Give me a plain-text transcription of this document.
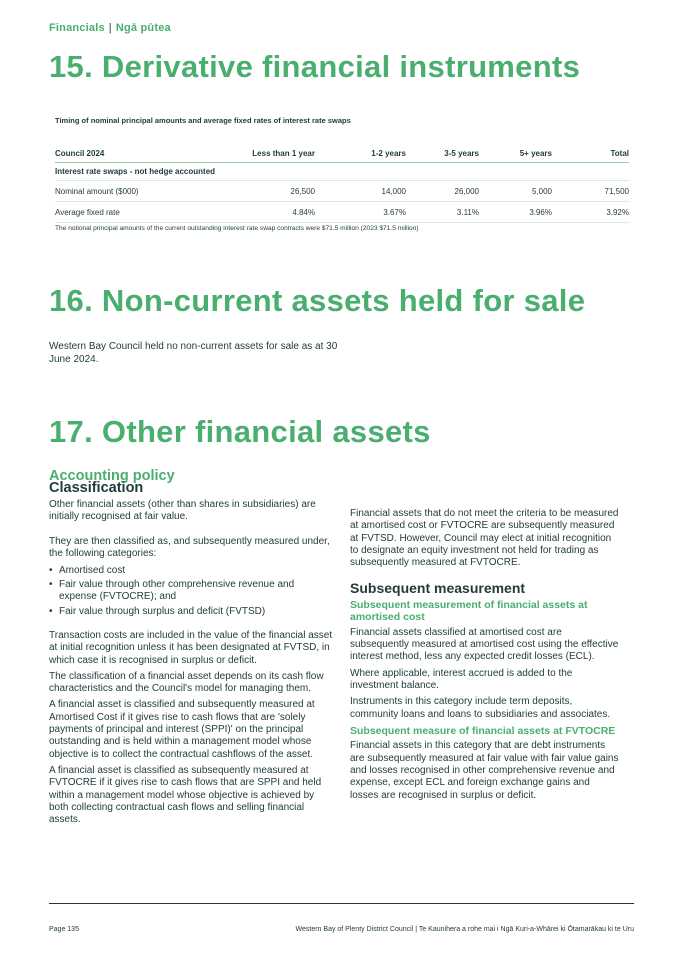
Financials | Ngā pūtea
15. Derivative financial instruments
Timing of nominal principal amounts and average fixed rates of interest rate swaps
Council 2024	Less than 1 year	1-2 years	3-5 years	5+ years	Total
Interest rate swaps - not hedge accounted					
Nominal amount ($000)	26,500	14,000	26,000	5,000	71,500
Average fixed rate	4.84%	3.67%	3.11%	3.96%	3.92%
The notional principal amounts of the current outstanding interest rate swap contracts were $71.5 million (2023 $71.5 million)
16. Non-current assets held for sale
Western Bay Council held no non-current assets for sale as at 30 June 2024.
17. Other financial assets
Accounting policy
Classification

Other financial assets (other than shares in subsidiaries) are initially recognised at fair value.

They are then classified as, and subsequently measured under, the following categories:

• Amortised cost
• Fair value through other comprehensive revenue and expense (FVTOCRE); and
• Fair value through surplus and deficit (FVTSD)

Transaction costs are included in the value of the financial asset at initial recognition unless it has been designated at FVTSD, in which case it is recognised in surplus or deficit.

The classification of a financial asset depends on its cash flow characteristics and the Council's model for managing them.

A financial asset is classified and subsequently measured at Amortised Cost if it gives rise to cash flows that are 'solely payments of principal and interest (SPPI)' on the principal outstanding and is held within a management model whose objective is to collect the contractual cashflows of the asset.

A financial asset is classified as subsequently measured at FVTOCRE if it gives rise to cash flows that are SPPI and held within a management model whose objective is achieved by both collecting contractual cash flows and selling financial assets.

Financial assets that do not meet the criteria to be measured at amortised cost or FVTOCRE are subsequently measured at FVTSD. However, Council may elect at initial recognition to designate an equity investment not held for trading as subsequently measured at FVTOCRE.

Subsequent measurement
Subsequent measurement of financial assets at amortised cost

Financial assets classified at amortised cost are subsequently measured at amortised cost using the effective interest method, less any expected credit losses (ECL).

Where applicable, interest accrued is added to the investment balance.

Instruments in this category include term deposits, community loans and loans to subsidiaries and associates.

Subsequent measure of financial assets at FVTOCRE

Financial assets in this category that are debt instruments are subsequently measured at fair value with fair value gains and losses recognised in other comprehensive revenue and expense, except ECL and foreign exchange gains and losses are recognised in surplus or deficit.

Page 135	Western Bay of Plenty District Council | Te Kaunihera a rohe mai i Ngā Kuri-a-Whārei ki Ōtamarākau ki te Uru
